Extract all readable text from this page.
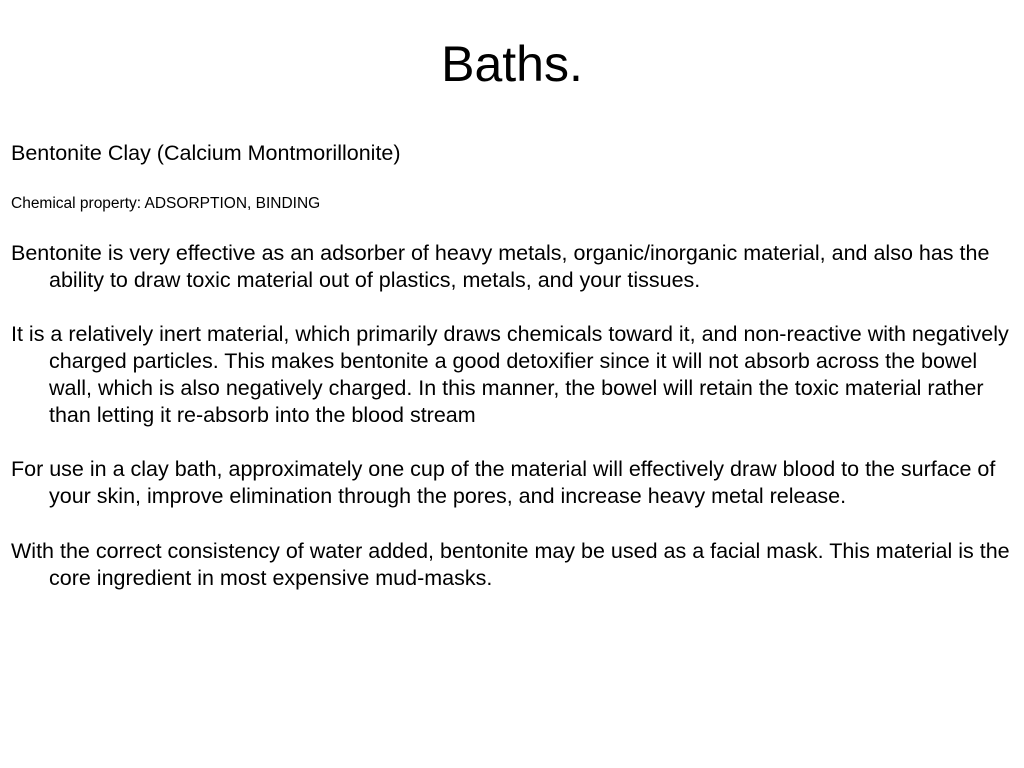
Baths.

Bentonite Clay (Calcium Montmorillonite)

Chemical property: ADSORPTION, BINDING

Bentonite is very effective as an adsorber of heavy metals, organic/inorganic material, and also has the ability to draw toxic material out of plastics, metals, and your tissues.

It is a relatively inert material, which primarily draws chemicals toward it, and non-reactive with negatively charged particles. This makes bentonite a good detoxifier since it will not absorb across the bowel wall, which is also negatively charged. In this manner, the bowel will retain the toxic material rather than letting it re-absorb into the blood stream

For use in a clay bath, approximately one cup of the material will effectively draw blood to the surface of your skin, improve elimination through the pores, and increase heavy metal release.

With the correct consistency of water added, bentonite may be used as a facial mask. This material is the core ingredient in most expensive mud-masks.
